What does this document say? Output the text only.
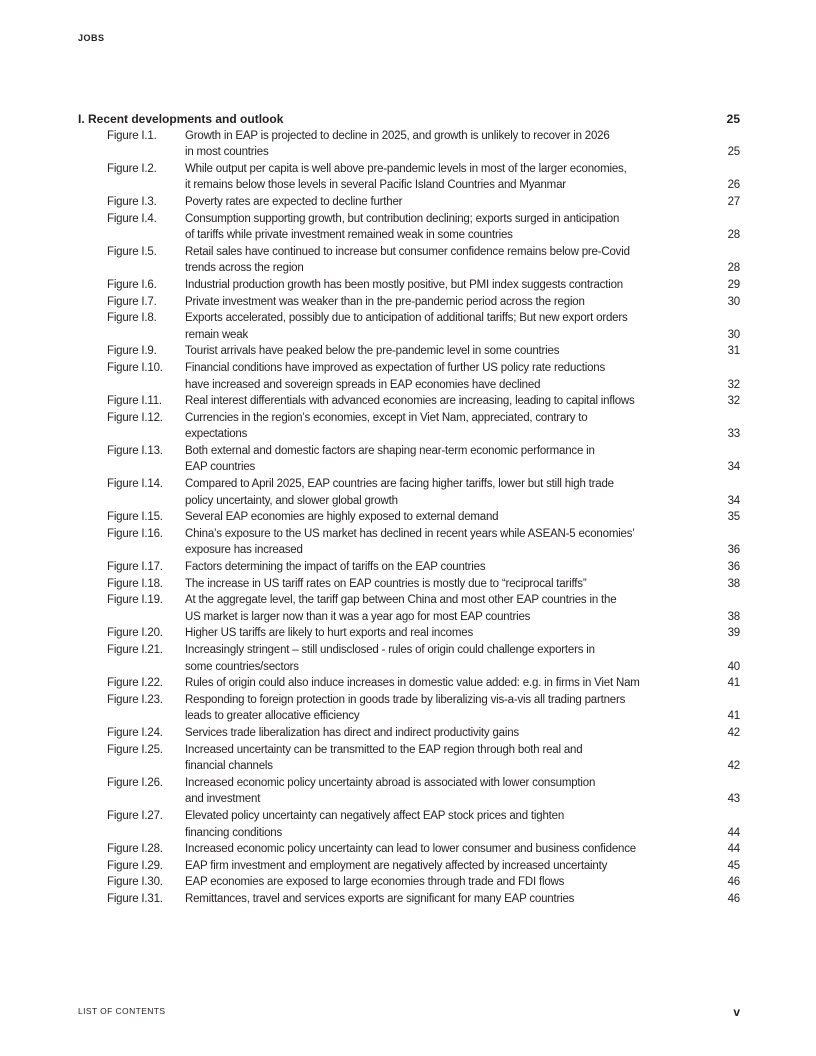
JOBS
I. Recent developments and outlook	25
Figure I.1.	Growth in EAP is projected to decline in 2025, and growth is unlikely to recover in 2026
in most countries	25
Figure I.2.	While output per capita is well above pre-pandemic levels in most of the larger economies,
it remains below those levels in several Pacific Island Countries and Myanmar	26
Figure I.3.	Poverty rates are expected to decline further	27
Figure I.4.	Consumption supporting growth, but contribution declining; exports surged in anticipation
of tariffs while private investment remained weak in some countries	28
Figure I.5.	Retail sales have continued to increase but consumer confidence remains below pre-Covid
trends across the region	28
Figure I.6.	Industrial production growth has been mostly positive, but PMI index suggests contraction	29
Figure I.7.	Private investment was weaker than in the pre-pandemic period across the region	30
Figure I.8.	Exports accelerated, possibly due to anticipation of additional tariffs; But new export orders
remain weak	30
Figure I.9.	Tourist arrivals have peaked below the pre-pandemic level in some countries	31
Figure I.10.	Financial conditions have improved as expectation of further US policy rate reductions
have increased and sovereign spreads in EAP economies have declined	32
Figure I.11.	Real interest differentials with advanced economies are increasing, leading to capital inflows	32
Figure I.12.	Currencies in the region’s economies, except in Viet Nam, appreciated, contrary to
expectations	33
Figure I.13.	Both external and domestic factors are shaping near-term economic performance in
EAP countries	34
Figure I.14.	Compared to April 2025, EAP countries are facing higher tariffs, lower but still high trade
policy uncertainty, and slower global growth	34
Figure I.15.	Several EAP economies are highly exposed to external demand	35
Figure I.16.	China’s exposure to the US market has declined in recent years while ASEAN-5 economies’
exposure has increased	36
Figure I.17.	Factors determining the impact of tariffs on the EAP countries	36
Figure I.18.	The increase in US tariff rates on EAP countries is mostly due to “reciprocal tariffs”	38
Figure I.19.	At the aggregate level, the tariff gap between China and most other EAP countries in the
US market is larger now than it was a year ago for most EAP countries	38
Figure I.20.	Higher US tariffs are likely to hurt exports and real incomes	39
Figure I.21.	Increasingly stringent – still undisclosed - rules of origin could challenge exporters in
some countries/sectors	40
Figure I.22.	Rules of origin could also induce increases in domestic value added: e.g. in firms in Viet Nam	41
Figure I.23.	Responding to foreign protection in goods trade by liberalizing vis-a-vis all trading partners
leads to greater allocative efficiency	41
Figure I.24.	Services trade liberalization has direct and indirect productivity gains	42
Figure I.25.	Increased uncertainty can be transmitted to the EAP region through both real and
financial channels	42
Figure I.26.	Increased economic policy uncertainty abroad is associated with lower consumption
and investment	43
Figure I.27.	Elevated policy uncertainty can negatively affect EAP stock prices and tighten
financing conditions	44
Figure I.28.	Increased economic policy uncertainty can lead to lower consumer and business confidence	44
Figure I.29.	EAP firm investment and employment are negatively affected by increased uncertainty	45
Figure I.30.	EAP economies are exposed to large economies through trade and FDI flows	46
Figure I.31.	Remittances, travel and services exports are significant for many EAP countries	46
LIST OF CONTENTS	v
